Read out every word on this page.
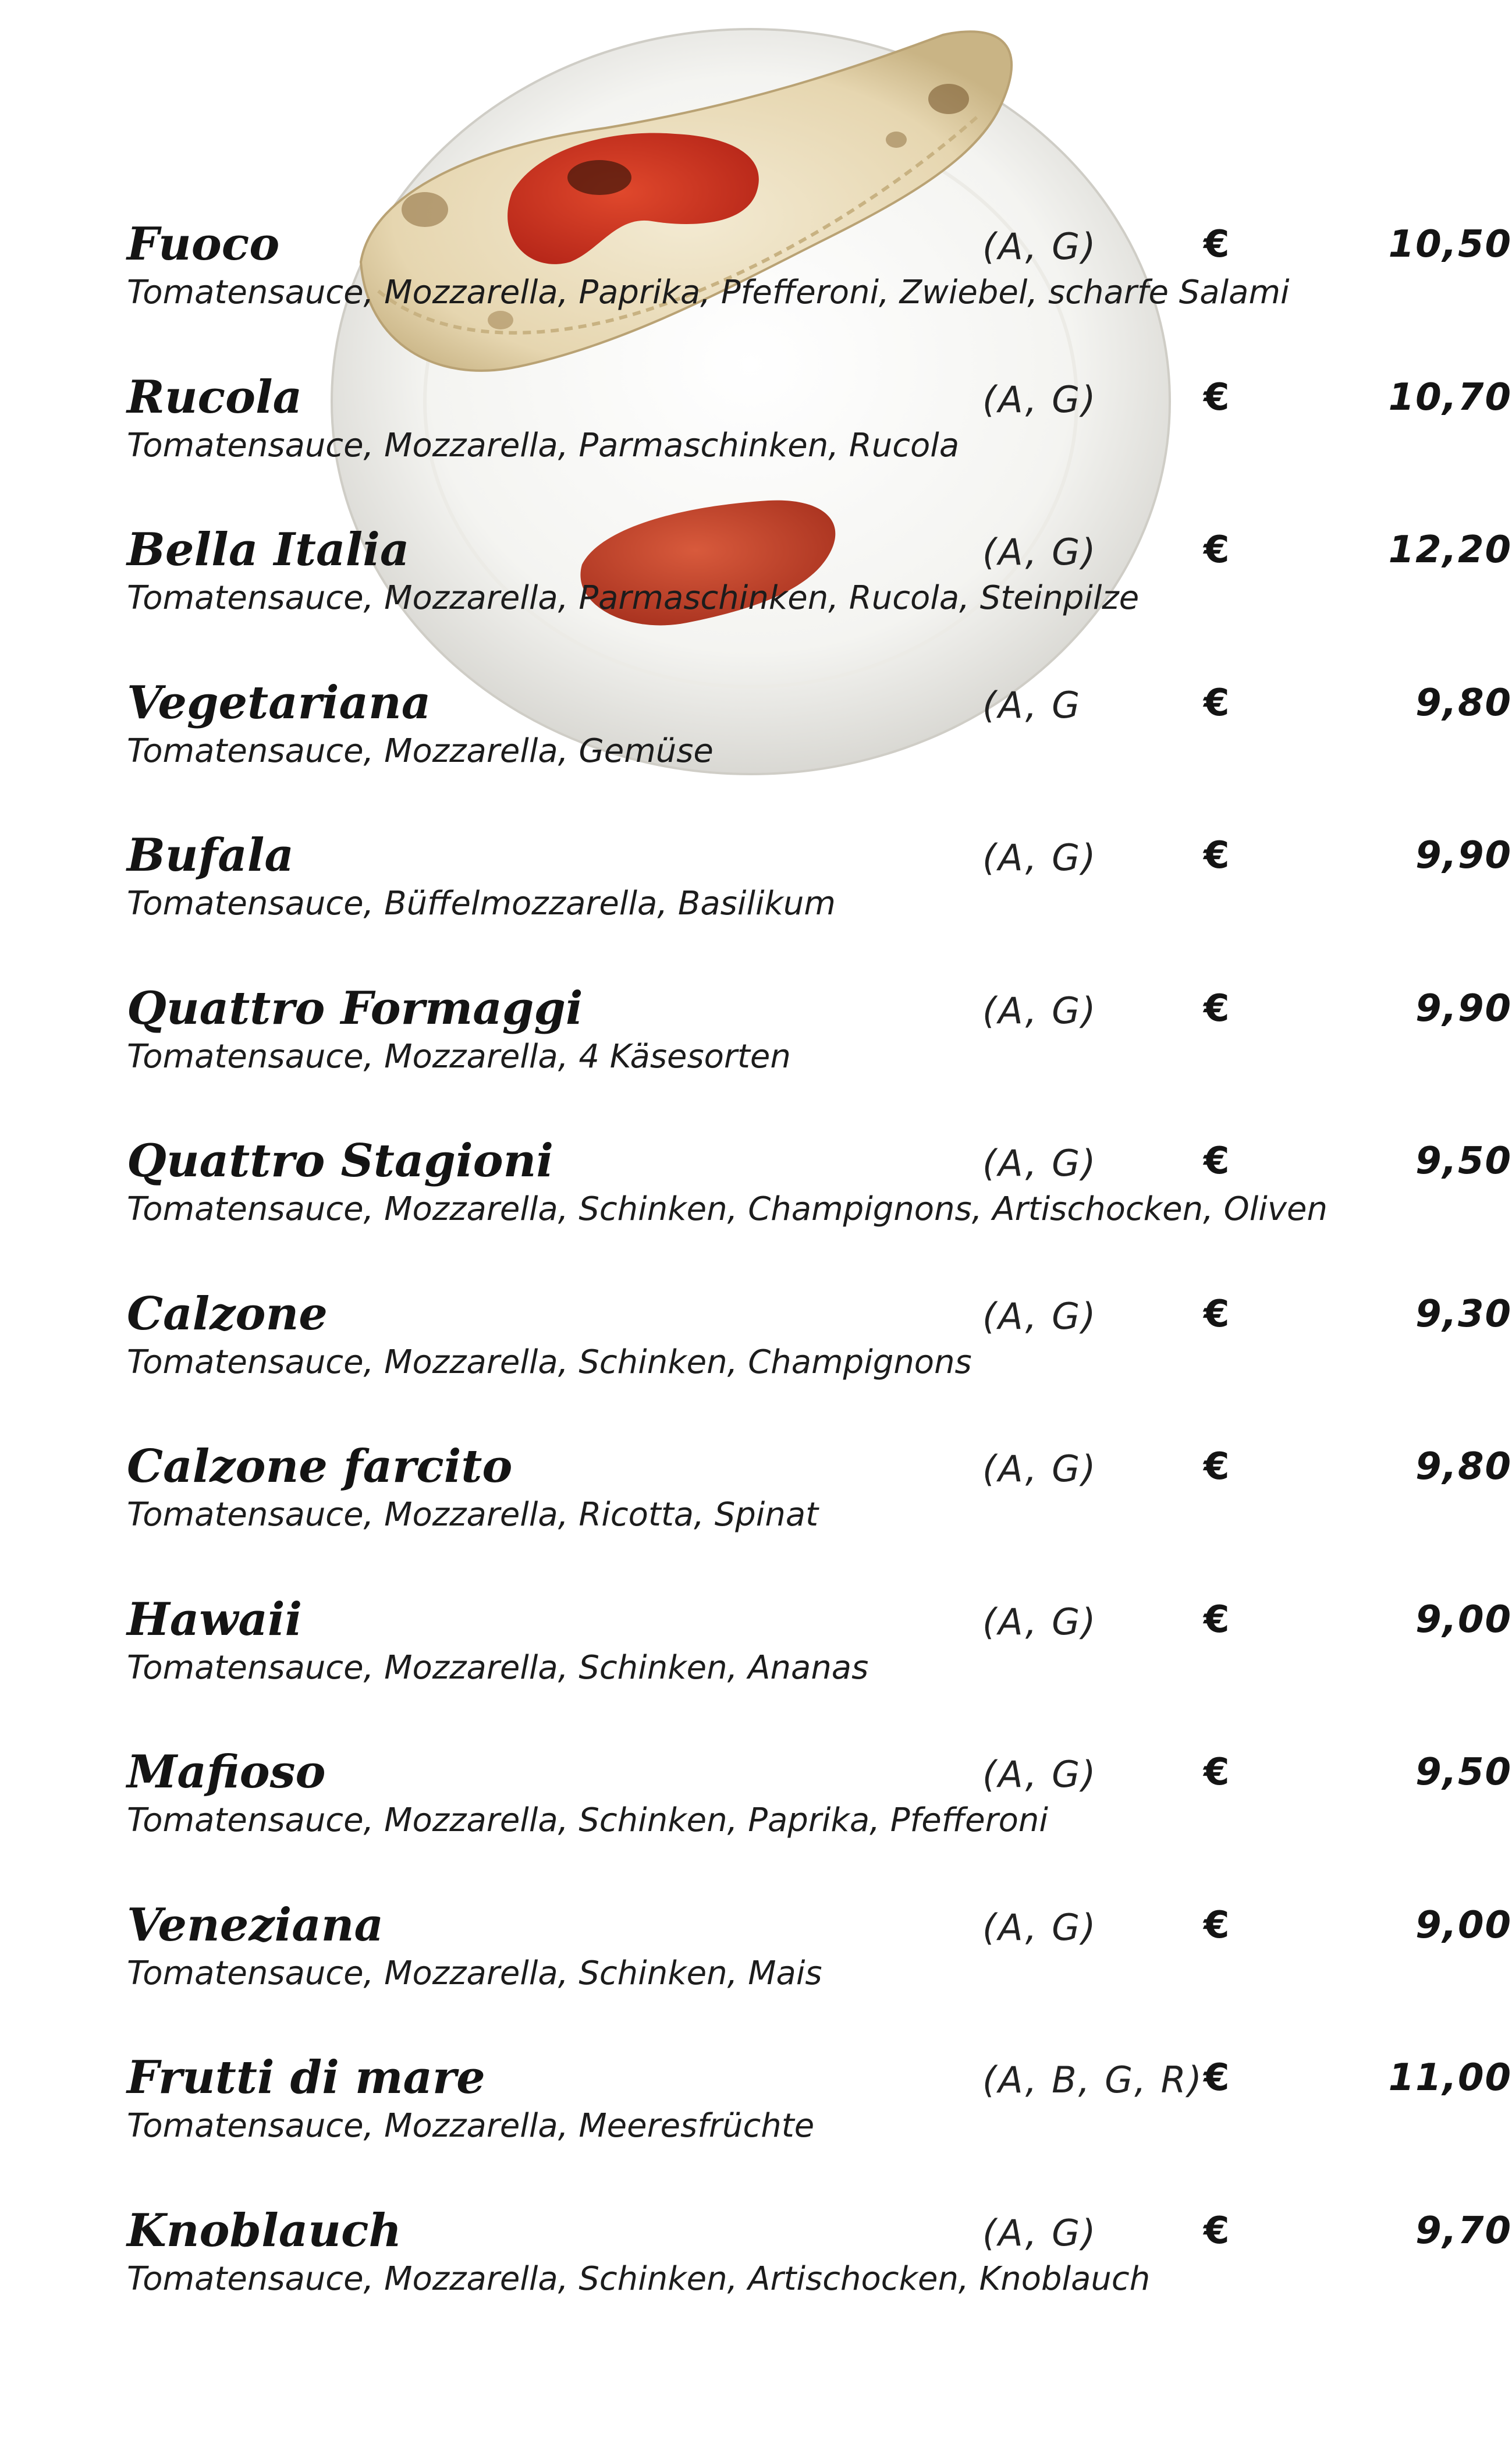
Fuoco	(A, G)	€	10,50
Tomatensauce, Mozzarella, Paprika, Pfefferoni, Zwiebel, scharfe Salami
Rucola	(A, G)	€	10,70
Tomatensauce, Mozzarella, Parmaschinken, Rucola
Bella Italia	(A, G)	€	12,20
Tomatensauce, Mozzarella, Parmaschinken, Rucola, Steinpilze
Vegetariana	(A, G	€	9,80
Tomatensauce, Mozzarella, Gemüse
Bufala	(A, G)	€	9,90
Tomatensauce, Büffelmozzarella, Basilikum
Quattro Formaggi	(A, G)	€	9,90
Tomatensauce, Mozzarella, 4 Käsesorten
Quattro Stagioni	(A, G)	€	9,50
Tomatensauce, Mozzarella, Schinken, Champignons, Artischocken, Oliven
Calzone	(A, G)	€	9,30
Tomatensauce, Mozzarella, Schinken, Champignons
Calzone farcito	(A, G)	€	9,80
Tomatensauce, Mozzarella, Ricotta, Spinat
Hawaii	(A, G)	€	9,00
Tomatensauce, Mozzarella, Schinken, Ananas
Mafioso	(A, G)	€	9,50
Tomatensauce, Mozzarella, Schinken, Paprika, Pfefferoni
Veneziana	(A, G)	€	9,00
Tomatensauce, Mozzarella, Schinken, Mais
Frutti di mare	(A, B, G, R) €	11,00
Tomatensauce, Mozzarella, Meeresfrüchte
Knoblauch	(A, G)	€	9,70
Tomatensauce, Mozzarella, Schinken, Artischocken, Knoblauch
